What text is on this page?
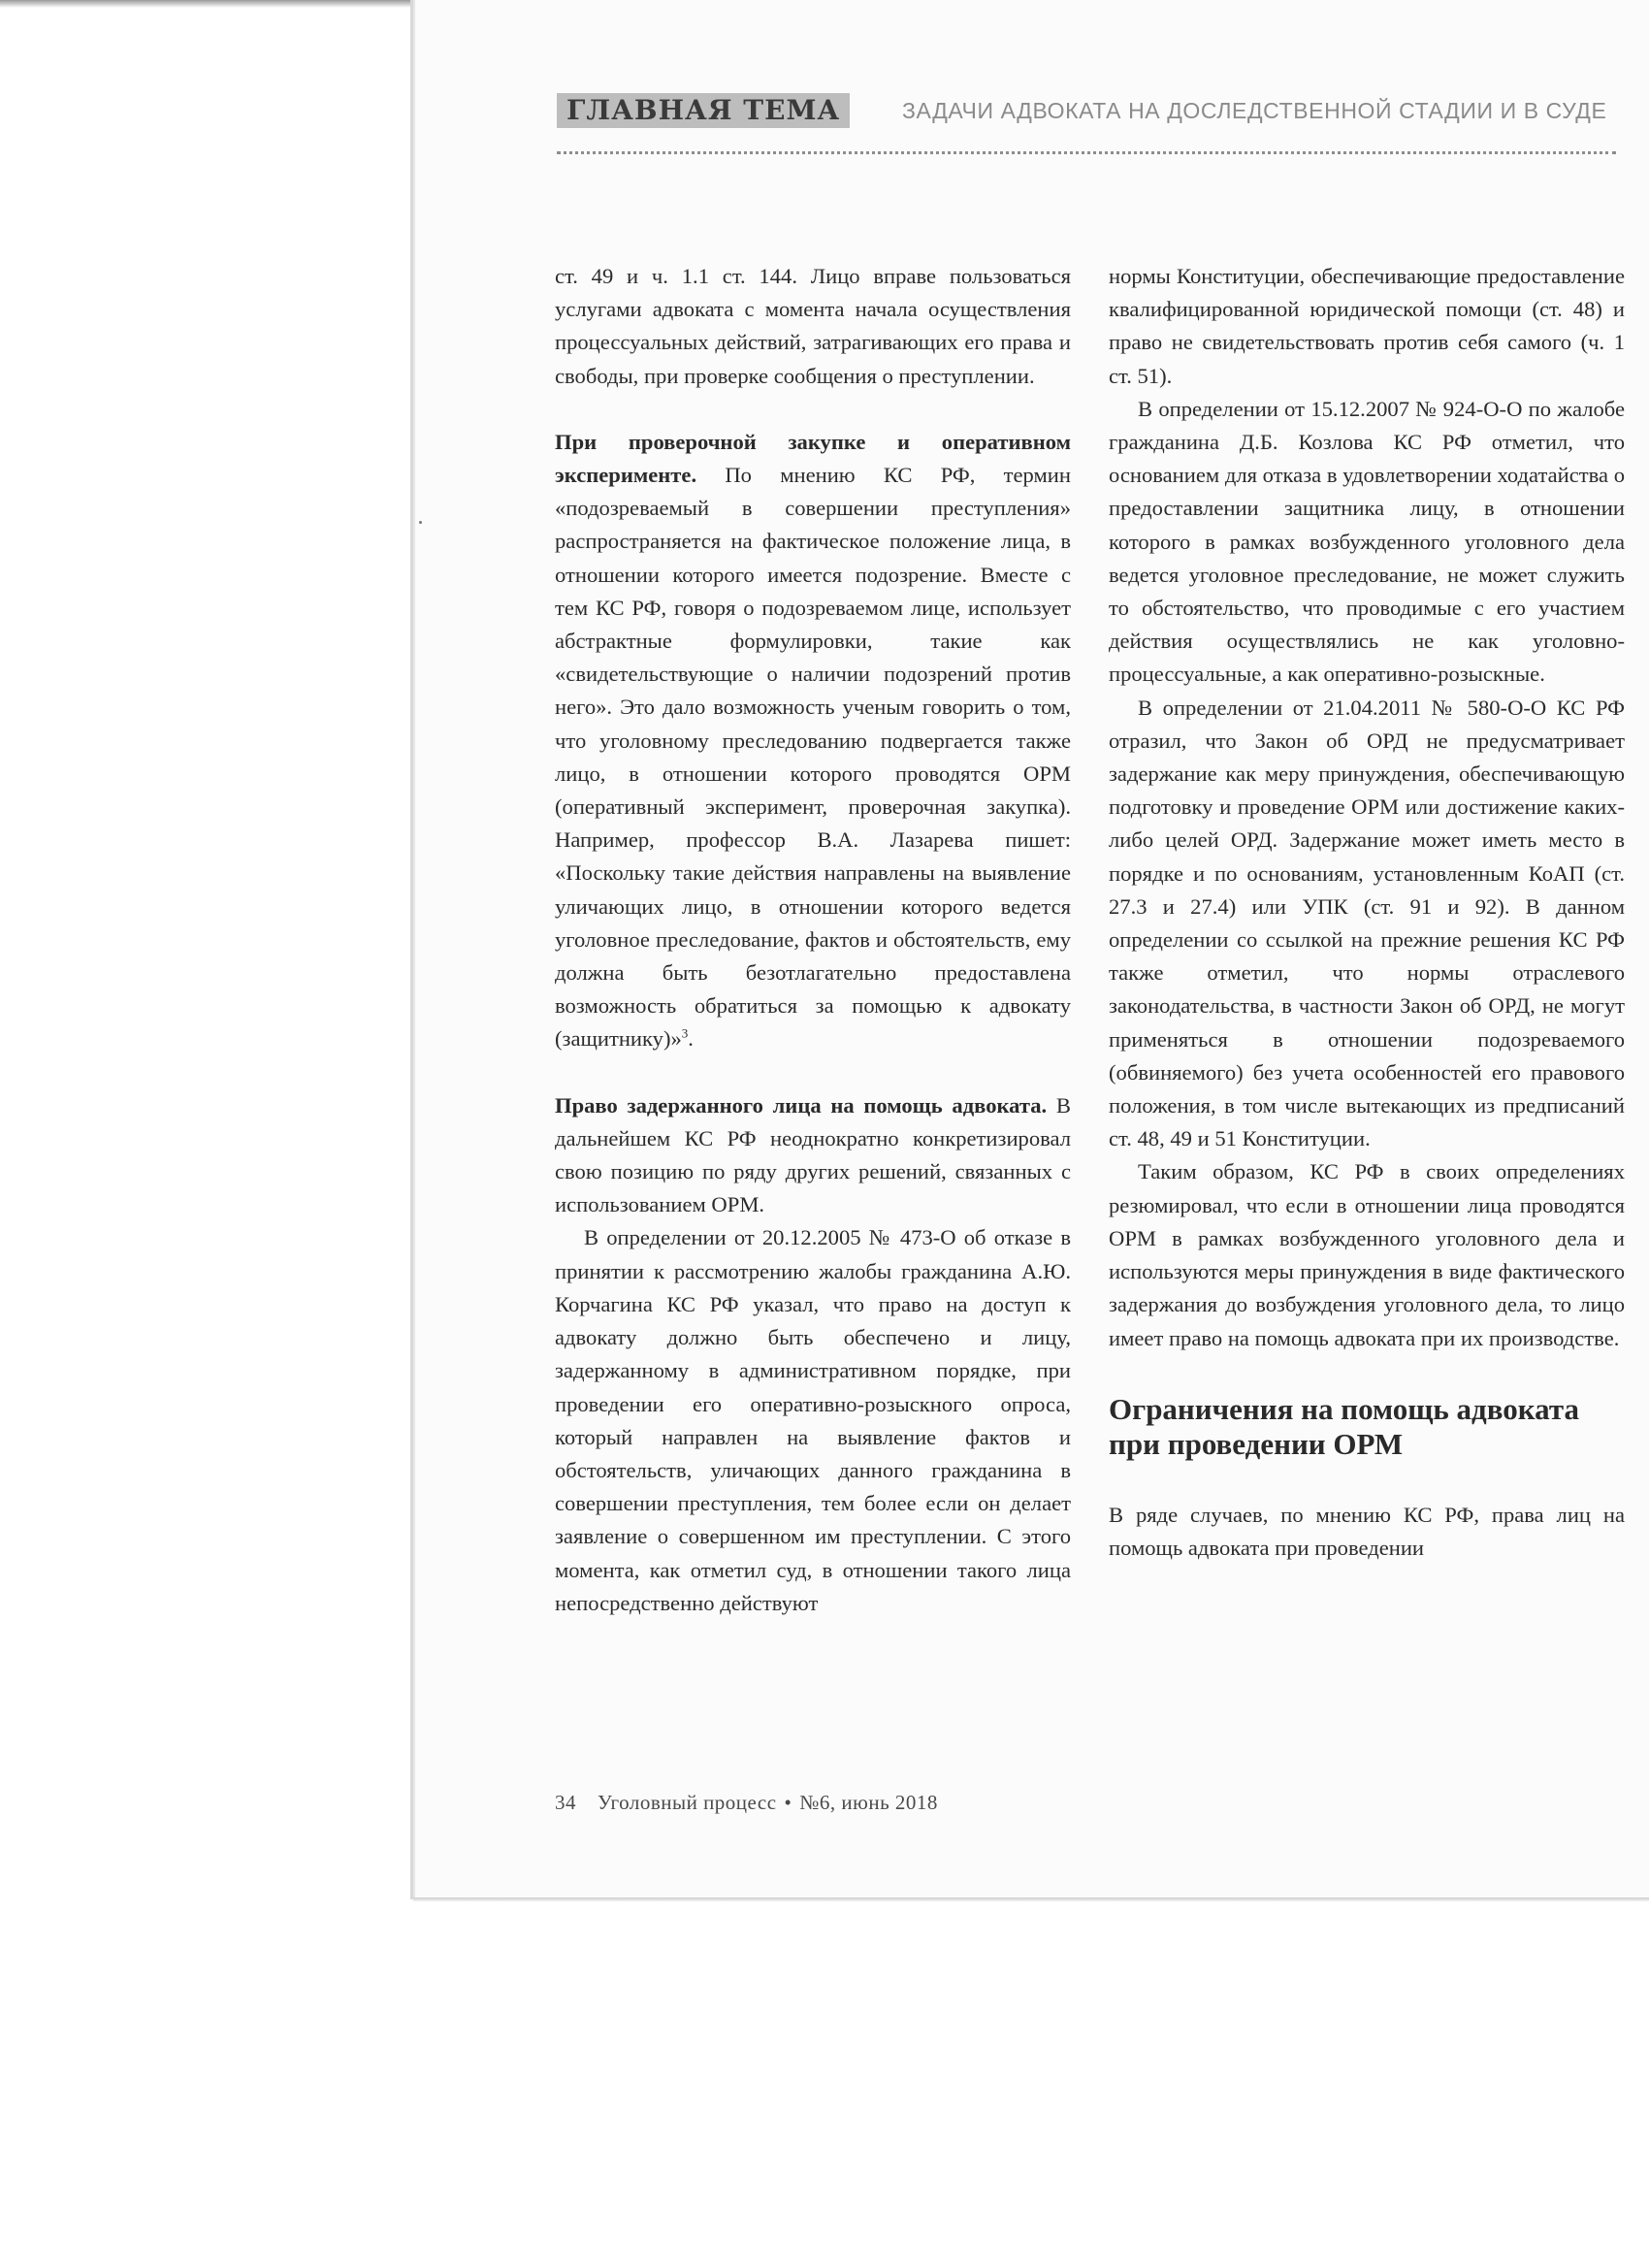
ГЛАВНАЯ ТЕМА	ЗАДАЧИ АДВОКАТА НА ДОСЛЕДСТВЕННОЙ СТАДИИ И В СУДЕ

ст. 49 и ч. 1.1 ст. 144. Лицо вправе пользоваться услугами адвоката с момента начала осуществления процессуальных действий, затрагивающих его права и свободы, при проверке сообщения о преступлении.

При проверочной закупке и оперативном эксперименте. По мнению КС РФ, термин «подозреваемый в совершении преступления» распространяется на фактическое положение лица, в отношении которого имеется подозрение. Вместе с тем КС РФ, говоря о подозреваемом лице, использует абстрактные формулировки, такие как «свидетельствующие о наличии подозрений против него». Это дало возможность ученым говорить о том, что уголовному преследованию подвергается также лицо, в отношении которого проводятся ОРМ (оперативный эксперимент, проверочная закупка). Например, профессор В.А. Лазарева пишет: «Поскольку такие действия направлены на выявление уличающих лицо, в отношении которого ведется уголовное преследование, фактов и обстоятельств, ему должна быть безотлагательно предоставлена возможность обратиться за помощью к адвокату (защитнику)»$^3$.

Право задержанного лица на помощь адвоката. В дальнейшем КС РФ неоднократно конкретизировал свою позицию по ряду других решений, связанных с использованием ОРМ.

В определении от 20.12.2005 № 473-О об отказе в принятии к рассмотрению жалобы гражданина А.Ю. Корчагина КС РФ указал, что право на доступ к адвокату должно быть обеспечено и лицу, задержанному в административном порядке, при проведении его оперативно-розыскного опроса, который направлен на выявление фактов и обстоятельств, уличающих данного гражданина в совершении преступления, тем более если он делает заявление о совершенном им преступлении. С этого момента, как отметил суд, в отношении такого лица непосредственно действуют

нормы Конституции, обеспечивающие предоставление квалифицированной юридической помощи (ст. 48) и право не свидетельствовать против себя самого (ч. 1 ст. 51).

В определении от 15.12.2007 № 924-О-О по жалобе гражданина Д.Б. Козлова КС РФ отметил, что основанием для отказа в удовлетворении ходатайства о предоставлении защитника лицу, в отношении которого в рамках возбужденного уголовного дела ведется уголовное преследование, не может служить то обстоятельство, что проводимые с его участием действия осуществлялись не как уголовно-процессуальные, а как оперативно-розыскные.

В определении от 21.04.2011 № 580-О-О КС РФ отразил, что Закон об ОРД не предусматривает задержание как меру принуждения, обеспечивающую подготовку и проведение ОРМ или достижение каких-либо целей ОРД. Задержание может иметь место в порядке и по основаниям, установленным КоАП (ст. 27.3 и 27.4) или УПК (ст. 91 и 92). В данном определении со ссылкой на прежние решения КС РФ также отметил, что нормы отраслевого законодательства, в частности Закон об ОРД, не могут применяться в отношении подозреваемого (обвиняемого) без учета особенностей его правового положения, в том числе вытекающих из предписаний ст. 48, 49 и 51 Конституции.

Таким образом, КС РФ в своих определениях резюмировал, что если в отношении лица проводятся ОРМ в рамках возбужденного уголовного дела и используются меры принуждения в виде фактического задержания до возбуждения уголовного дела, то лицо имеет право на помощь адвоката при их производстве.

Ограничения на помощь адвоката при проведении ОРМ

В ряде случаев, по мнению КС РФ, права лиц на помощь адвоката при проведении

34 Уголовный процесс • №6, июнь 2018
